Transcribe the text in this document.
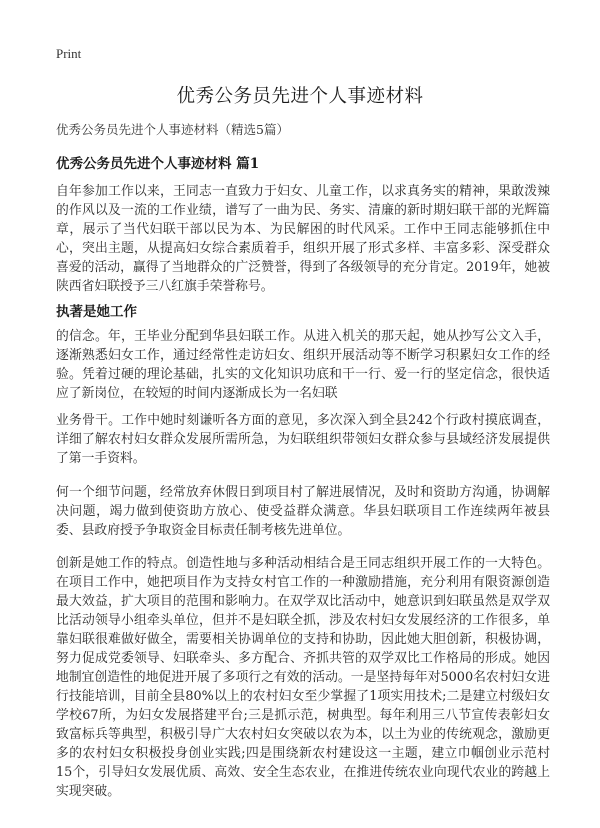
Print
优秀公务员先进个人事迹材料
优秀公务员先进个人事迹材料（精选5篇）
优秀公务员先进个人事迹材料 篇1
自年参加工作以来，王同志一直致力于妇女、儿童工作，以求真务实的精神，果敢泼辣的作风以及一流的工作业绩，谱写了一曲为民、务实、清廉的新时期妇联干部的光辉篇章，展示了当代妇联干部以民为本、为民解困的时代风采。工作中王同志能够抓住中心，突出主题，从提高妇女综合素质着手，组织开展了形式多样、丰富多彩、深受群众喜爱的活动，赢得了当地群众的广泛赞誉，得到了各级领导的充分肯定。2019年，她被陕西省妇联授予三八红旗手荣誉称号。
执著是她工作
的信念。年，王毕业分配到华县妇联工作。从进入机关的那天起，她从抄写公文入手，逐渐熟悉妇女工作，通过经常性走访妇女、组织开展活动等不断学习积累妇女工作的经验。凭着过硬的理论基础，扎实的文化知识功底和干一行、爱一行的坚定信念，很快适应了新岗位，在较短的时间内逐渐成长为一名妇联
业务骨干。工作中她时刻谦听各方面的意见，多次深入到全县242个行政村摸底调查，详细了解农村妇女群众发展所需所急，为妇联组织带领妇女群众参与县域经济发展提供了第一手资料。
何一个细节问题，经常放弃休假日到项目村了解进展情况，及时和资助方沟通，协调解决问题，竭力做到使资助方放心、使受益群众满意。华县妇联项目工作连续两年被县委、县政府授予争取资金目标责任制考核先进单位。
创新是她工作的特点。创造性地与多种活动相结合是王同志组织开展工作的一大特色。在项目工作中，她把项目作为支持女村官工作的一种激励措施，充分利用有限资源创造最大效益，扩大项目的范围和影响力。在双学双比活动中，她意识到妇联虽然是双学双比活动领导小组牵头单位，但并不是妇联全抓，涉及农村妇女发展经济的工作很多，单靠妇联很难做好做全，需要相关协调单位的支持和协助，因此她大胆创新，积极协调，努力促成党委领导、妇联牵头、多方配合、齐抓共管的双学双比工作格局的形成。她因地制宜创造性的地促进开展了多项行之有效的活动。一是坚持每年对5000名农村妇女进行技能培训，目前全县80%以上的农村妇女至少掌握了1项实用技术;二是建立村级妇女学校67所，为妇女发展搭建平台;三是抓示范，树典型。每年利用三八节宣传表彰妇女致富标兵等典型，积极引导广大农村妇女突破以农为本，以土为业的传统观念，激励更多的农村妇女积极投身创业实践;四是围绕新农村建设这一主题，建立巾帼创业示范村15个，引导妇女发展优质、高效、安全生态农业，在推进传统农业向现代农业的跨越上实现突破。
